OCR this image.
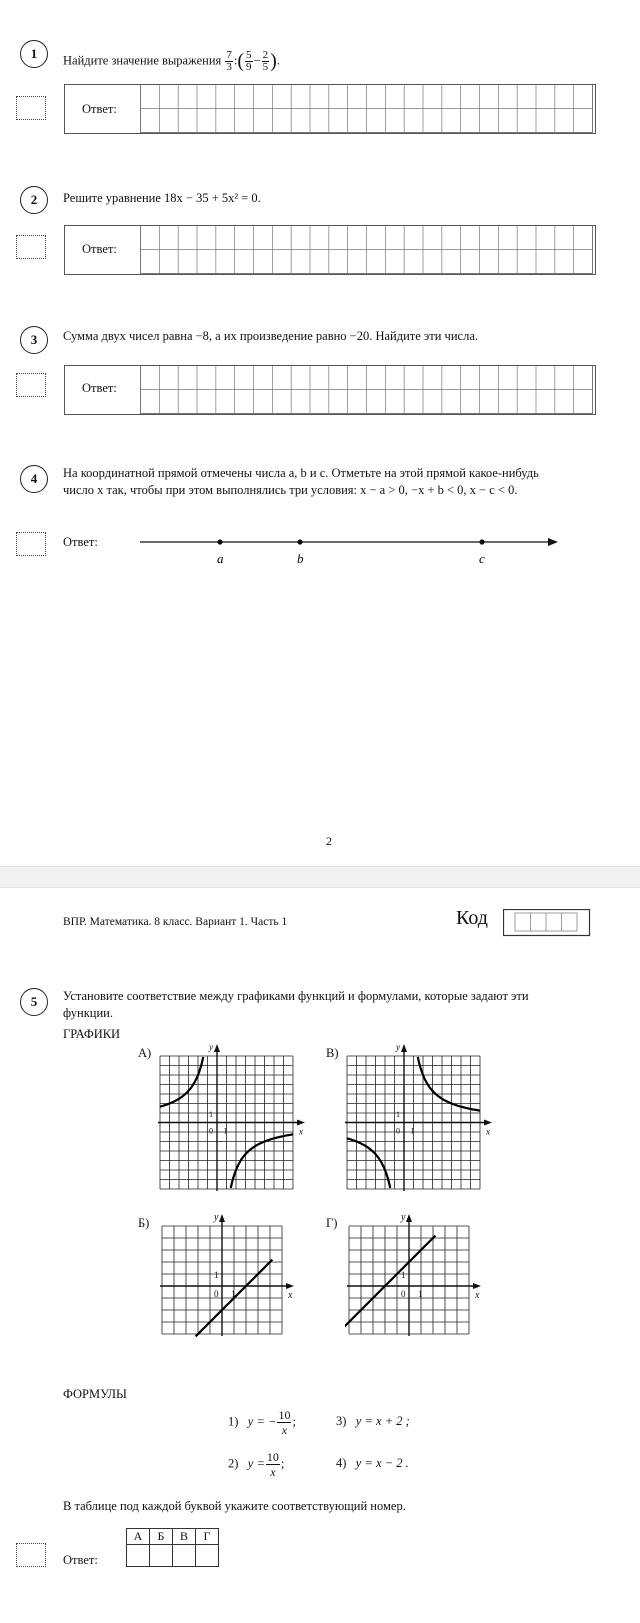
1	Найдите значение выражения $\frac{7}{3}$ :( $\frac{5}{9} - \frac{2}{5}$ ).
Ответ:
2	Решите уравнение 18x − 35 + 5x² = 0.
Ответ:
3	Сумма двух чисел равна −8, а их произведение равно −20. Найдите эти числа.
Ответ:
4	На координатной прямой отмечены числа a, b и c. Отметьте на этой прямой какое-нибудь
число x так, чтобы при этом выполнялись три условия: x − a > 0, −x + b < 0, x − c < 0.
Ответ:
a	b	c
2
ВПР. Математика. 8 класс. Вариант 1. Часть 1	Код
5	Установите соответствие между графиками функций и формулами, которые задают эти
функции.
ГРАФИКИ
А)	В)
Б)	Г)
y
x
0 1
1
y
x
0 1
1
y
x
0 1
1
y
x
0 1
1
ФОРМУЛЫ
1) y = − $\frac{10}{x}$;	3) y = x + 2 ;
2) $y = \frac{10}{x}$;	4) y = x − 2 .
В таблице под каждой буквой укажите соответствующий номер.
Ответ:
А	Б	В	Г
